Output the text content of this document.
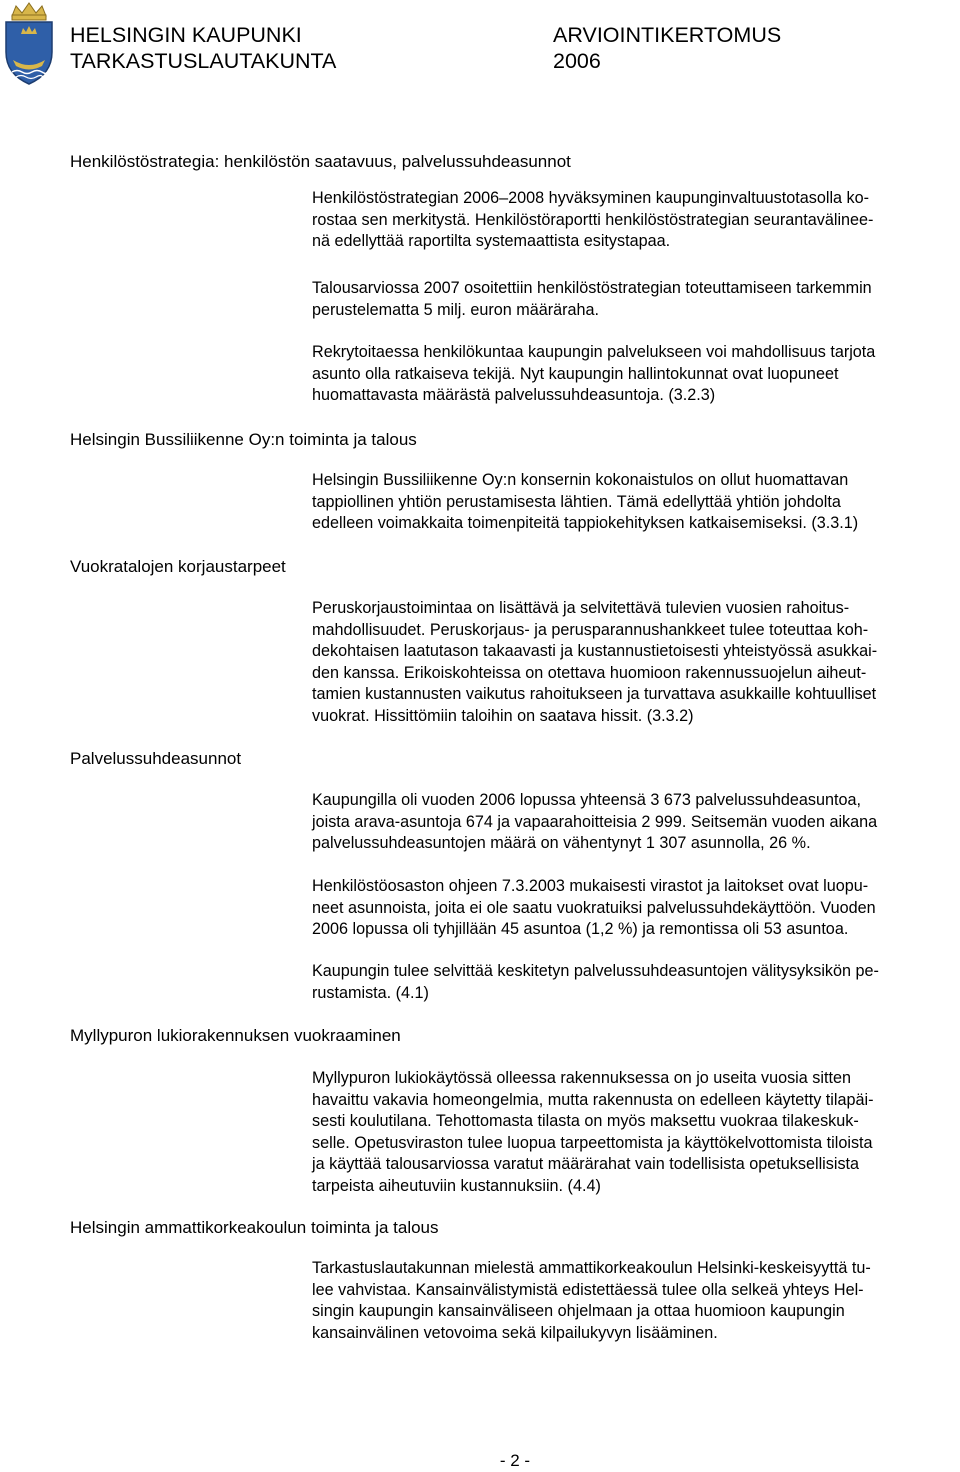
HELSINGIN KAUPUNKI
TARKASTUSLAUTAKUNTA
ARVIOINTIKERTOMUS
2006
Henkilöstöstrategia: henkilöstön saatavuus, palvelussuhdeasunnot
Henkilöstöstrategian 2006–2008 hyväksyminen kaupunginvaltuustotasolla ko-
rostaa sen merkitystä. Henkilöstöraportti henkilöstöstrategian seurantavälinee-
nä edellyttää raportilta systemaattista esitystapaa.
Talousarviossa 2007 osoitettiin henkilöstöstrategian toteuttamiseen tarkemmin
perustelematta 5 milj. euron määräraha.
Rekrytoitaessa henkilökuntaa kaupungin palvelukseen voi mahdollisuus tarjota
asunto olla ratkaiseva tekijä. Nyt kaupungin hallintokunnat ovat luopuneet
huomattavasta määrästä palvelussuhdeasuntoja. (3.2.3)
Helsingin Bussiliikenne Oy:n toiminta ja talous
Helsingin Bussiliikenne Oy:n konsernin kokonaistulos on ollut huomattavan
tappiollinen yhtiön perustamisesta lähtien. Tämä edellyttää yhtiön johdolta
edelleen voimakkaita toimenpiteitä tappiokehityksen katkaisemiseksi. (3.3.1)
Vuokratalojen korjaustarpeet
Peruskorjaustoimintaa on lisättävä ja selvitettävä tulevien vuosien rahoitus-
mahdollisuudet. Peruskorjaus- ja perusparannushankkeet tulee toteuttaa koh-
dekohtaisen laatutason takaavasti ja kustannustietoisesti yhteistyössä asukkai-
den kanssa. Erikoiskohteissa on otettava huomioon rakennussuojelun aiheut-
tamien kustannusten vaikutus rahoitukseen ja turvattava asukkaille kohtuulliset
vuokrat. Hissittömiin taloihin on saatava hissit. (3.3.2)
Palvelussuhdeasunnot
Kaupungilla oli vuoden 2006 lopussa yhteensä 3 673 palvelussuhdeasuntoa,
joista arava-asuntoja 674 ja vapaarahoitteisia 2 999. Seitsemän vuoden aikana
palvelussuhdeasuntojen määrä on vähentynyt 1 307 asunnolla, 26 %.
Henkilöstöosaston ohjeen 7.3.2003 mukaisesti virastot ja laitokset ovat luopu-
neet asunnoista, joita ei ole saatu vuokratuiksi palvelussuhdekäyttöön. Vuoden
2006 lopussa oli tyhjillään 45 asuntoa (1,2 %) ja remontissa oli 53 asuntoa.
Kaupungin tulee selvittää keskitetyn palvelussuhdeasuntojen välitysyksikön pe-
rustamista. (4.1)
Myllypuron lukiorakennuksen vuokraaminen
Myllypuron lukiokäytössä olleessa rakennuksessa on jo useita vuosia sitten
havaittu vakavia homeongelmia, mutta rakennusta on edelleen käytetty tilapäi-
sesti koulutilana. Tehottomasta tilasta on myös maksettu vuokraa tilakeskuk-
selle. Opetusviraston tulee luopua tarpeettomista ja käyttökelvottomista tiloista
ja käyttää talousarviossa varatut määrärahat vain todellisista opetuksellisista
tarpeista aiheutuviin kustannuksiin. (4.4)
Helsingin ammattikorkeakoulun toiminta ja talous
Tarkastuslautakunnan mielestä ammattikorkeakoulun Helsinki-keskeisyyttä tu-
lee vahvistaa. Kansainvälistymistä edistettäessä tulee olla selkeä yhteys Hel-
singin kaupungin kansainväliseen ohjelmaan ja ottaa huomioon kaupungin
kansainvälinen vetovoima sekä kilpailukyvyn lisääminen.
- 2 -
